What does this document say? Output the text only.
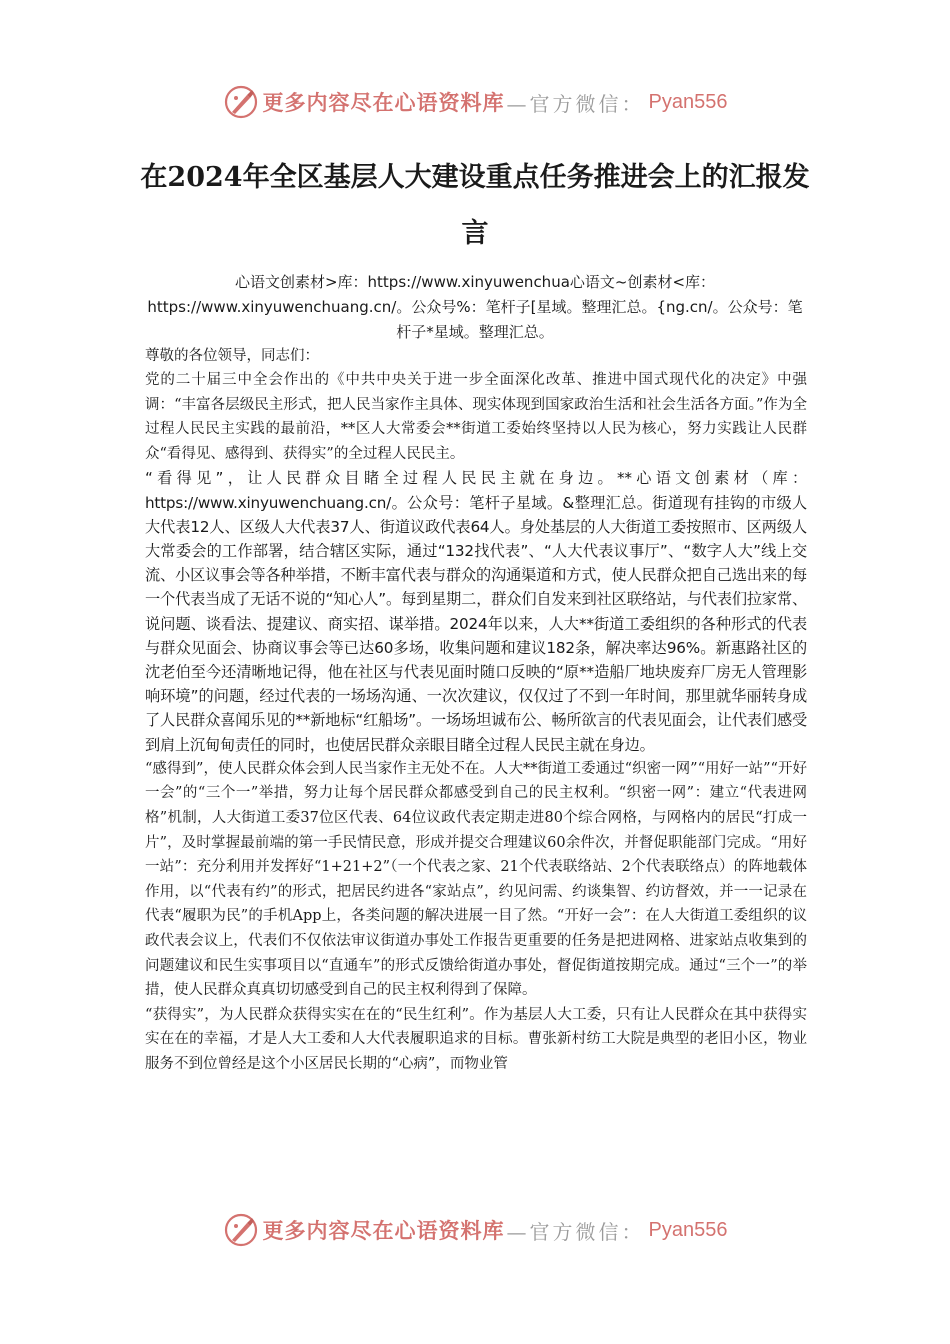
更多内容尽在心语资料库 —官方微信： Pyan556
在2024年全区基层人大建设重点任务推进会上的汇报发言
心语文创素材>库：https://www.xinyuwenchua心语文~创素材<库：https://www.xinyuwenchuang.cn/。公众号%：笔杆子[星域。整理汇总。{ng.cn/。公众号：笔杆子*星域。整理汇总。

尊敬的各位领导，同志们：

党的二十届三中全会作出的《中共中央关于进一步全面深化改革、推进中国式现代化的决定》中强调：“丰富各层级民主形式，把人民当家作主具体、现实体现到国家政治生活和社会生活各方面。”作为全过程人民民主实践的最前沿，**区人大常委会**街道工委始终坚持以人民为核心，努力实践让人民群众“看得见、感得到、获得实”的全过程人民民主。

“看得见”，让人民群众目睹全过程人民民主就在身边。**心语文创素材（库：https://www.xinyuwenchuang.cn/。公众号：笔杆子星域。&整理汇总。街道现有挂钩的市级人大代表12人、区级人大代表37人、街道议政代表64人。身处基层的人大街道工委按照市、区两级人大常委会的工作部署，结合辖区实际，通过“132找代表”、“人大代表议事厅”、“数字人大”线上交流、小区议事会等各种举措，不断丰富代表与群众的沟通渠道和方式，使人民群众把自己选出来的每一个代表当成了无话不说的“知心人”。每到星期二，群众们自发来到社区联络站，与代表们拉家常、说问题、谈看法、提建议、商实招、谋举措。2024年以来，人大**街道工委组织的各种形式的代表与群众见面会、协商议事会等已达60多场，收集问题和建议182条，解决率达96%。新惠路社区的沈老伯至今还清晰地记得，他在社区与代表见面时随口反映的“原**造船厂地块废弃厂房无人管理影响环境”的问题，经过代表的一场场沟通、一次次建议，仅仅过了不到一年时间，那里就华丽转身成了人民群众喜闻乐见的**新地标“红船场”。一场场坦诚布公、畅所欲言的代表见面会，让代表们感受到肩上沉甸甸责任的同时，也使居民群众亲眼目睹全过程人民民主就在身边。

“感得到”，使人民群众体会到人民当家作主无处不在。人大**街道工委通过“织密一网”“用好一站”“开好一会”的“三个一”举措，努力让每个居民群众都感受到自己的民主权利。“织密一网”：建立“代表进网格”机制，人大街道工委37位区代表、64位议政代表定期走进80个综合网格，与网格内的居民“打成一片”，及时掌握最前端的第一手民情民意，形成并提交合理建议60余件次，并督促职能部门完成。“用好一站”：充分利用并发挥好“1+21+2”（一个代表之家、21个代表联络站、2个代表联络点）的阵地载体作用，以“代表有约”的形式，把居民约进各“家站点”，约见问需、约谈集智、约访督效，并一一记录在代表“履职为民”的手机App上，各类问题的解决进展一目了然。“开好一会”：在人大街道工委组织的议政代表会议上，代表们不仅依法审议街道办事处工作报告更重要的任务是把进网格、进家站点收集到的问题建议和民生实事项目以“直通车”的形式反馈给街道办事处，督促街道按期完成。通过“三个一”的举措，使人民群众真真切切感受到自己的民主权利得到了保障。

“获得实”，为人民群众获得实实在在的“民生红利”。作为基层人大工委，只有让人民群众在其中获得实实在在的幸福，才是人大工委和人大代表履职追求的目标。曹张新村纺工大院是典型的老旧小区，物业服务不到位曾经是这个小区居民长期的“心病”，而物业管

更多内容尽在心语资料库 —官方微信： Pyan556
